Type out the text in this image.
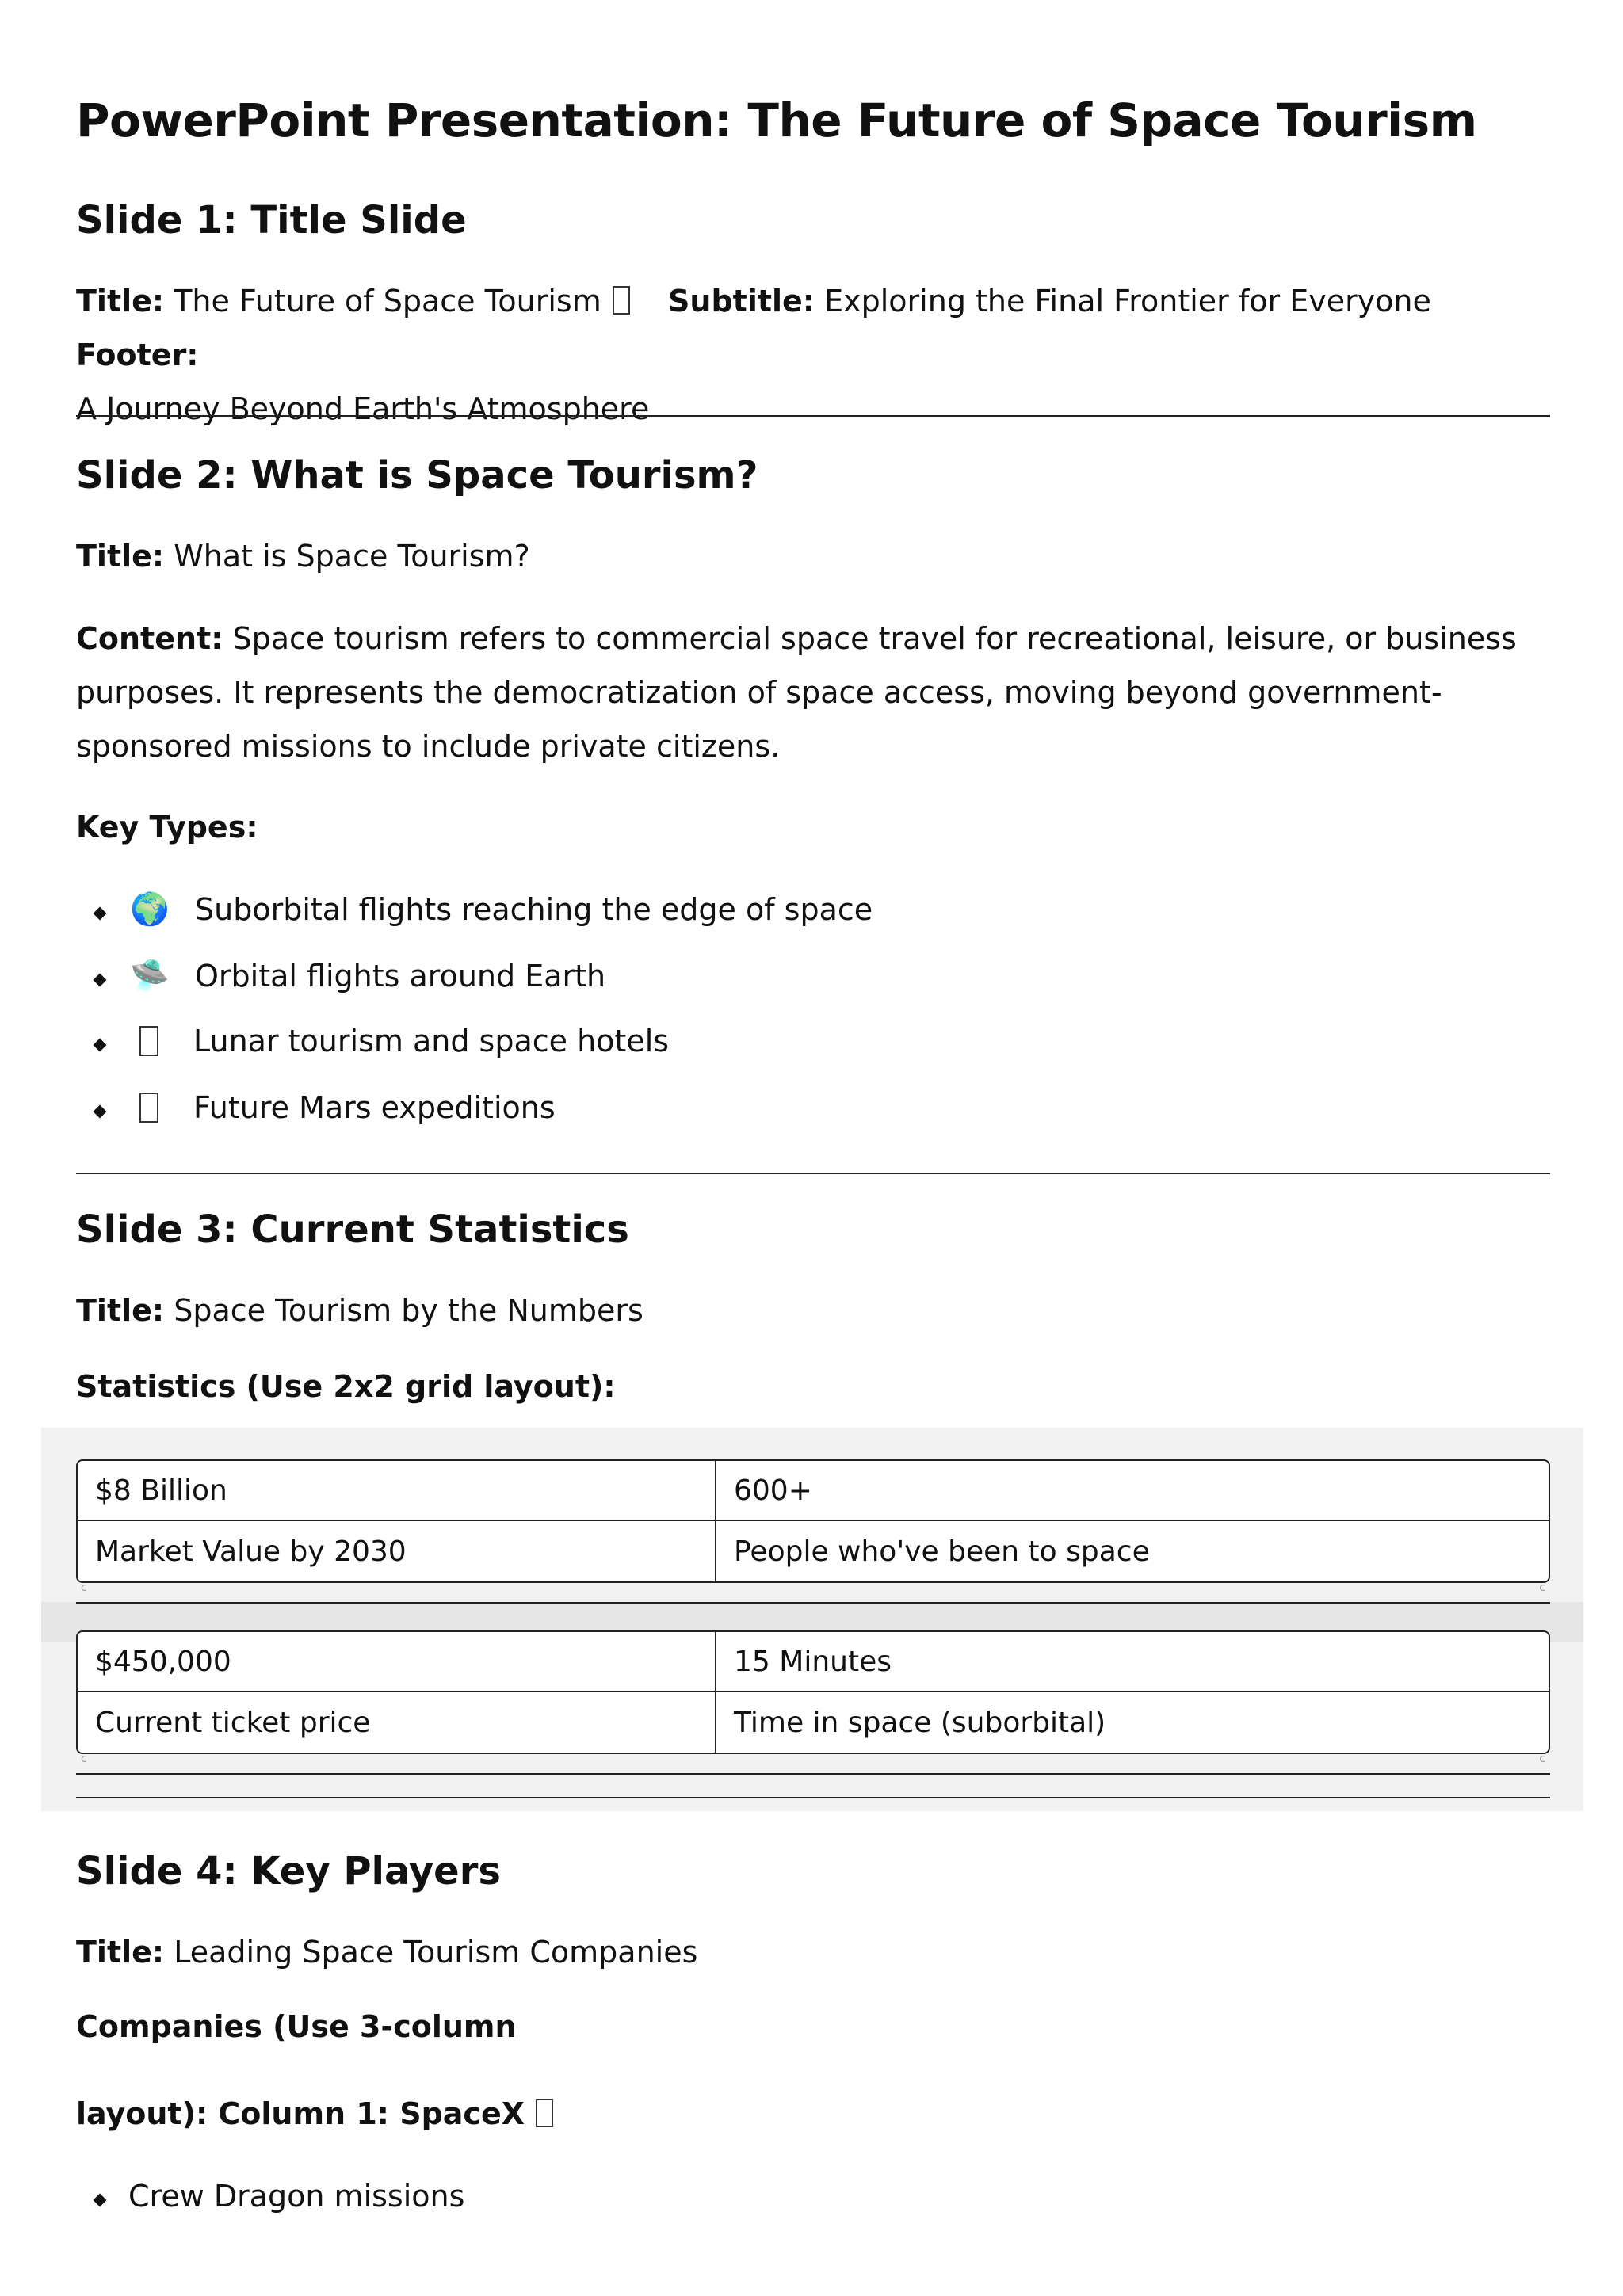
PowerPoint Presentation: The Future of Space Tourism
Slide 1: Title Slide
Title: The Future of Space Tourism Subtitle: Exploring the Final Frontier for Everyone Footer:
A Journey Beyond Earth's Atmosphere
Slide 2: What is Space Tourism?
Title: What is Space Tourism?
Content: Space tourism refers to commercial space travel for recreational, leisure, or business purposes. It represents the democratization of space access, moving beyond government-sponsored missions to include private citizens.
Key Types:
🌍 Suborbital flights reaching the edge of space
🛸 Orbital flights around Earth
Lunar tourism and space hotels
Future Mars expeditions
Slide 3: Current Statistics
Title: Space Tourism by the Numbers
Statistics (Use 2x2 grid layout):
$8 Billion	600+
Market Value by 2030	People who've been to space
c	c
$450,000	15 Minutes
Current ticket price	Time in space (suborbital)
c	c
Slide 4: Key Players
Title: Leading Space Tourism Companies
Companies (Use 3-column
layout): Column 1: SpaceX
Crew Dragon missions
